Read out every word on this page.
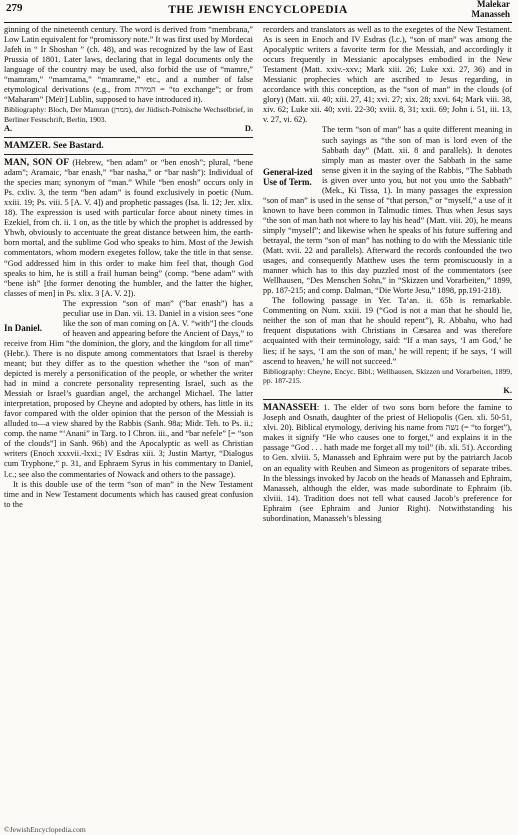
279	THE JEWISH ENCYCLOPEDIA	Malekar
Manasseh

ginning of the nineteenth century. The word is derived from “membrana,” Low Latin equivalent for “promissory note.” It was first used by Mordecai Jafeh in “ Ir Shoshan ” (ch. 48), and was recognized by the law of East Prussia of 1801. Later laws, declaring that in legal documents only the language of the country may be used, also forbid the use of “mamre,” “mamram,” “mamrama,” “mamrame,” etc., and a number of false etymological derivations (e.g., from המירה = “to exchange”; or from “Maharam” [Meïr] Lublin, supposed to have introduced it).

Bibliography: Bloch, Der Mamran (ממרן), der Jüdisch-Polnische Wechselbrief, in Berliner Festschrift, Berlin, 1903.
A.	D.

MAMZER. See Bastard.

MAN, SON OF (Hebrew, “ben adam” or “ben enosh”; plural, “bene adam”; Aramaic, “bar enash,” “bar nasha,” or “bar nash”): Individual of the species man; synonym of “man.” While “ben enosh” occurs only in Ps. cxliv. 3, the term “ben adam” is found exclusively in poetic (Num. xxiii. 19; Ps. viii. 5 [A. V. 4]) and prophetic passages (Isa. li. 12; Jer. xlix. 18). The expression is used with particular force about ninety times in Ezekiel, from ch. ii. 1 on, as the title by which the prophet is addressed by Yhwh, obviously to accentuate the great distance between him, the earth-born mortal, and the sublime God who speaks to him. Most of the Jewish commentators, whom modern exegetes follow, take the title in that sense. “God addressed him in this order to make him feel that, though God speaks to him, he is still a frail human being” (comp. “bene adam” with “bene ish” [the former denoting the humbler, and the latter the higher, classes of men] in Ps. xlix. 3 [A. V. 2]).

In Daniel.

The expression “son of man” (“bar enash”) has a peculiar use in Dan. vii. 13. Daniel in a vision sees “one like the son of man coming on [A. V. “with”] the clouds of heaven and appearing before the Ancient of Days,” to receive from Him “the dominion, the glory, and the kingdom for all time” (Hebr.). There is no dispute among commentators that Israel is thereby meant; but they differ as to the question whether the “son of man” depicted is merely a personification of the people, or whether the writer had in mind a concrete personality representing Israel, such as the Messiah or Israel’s guardian angel, the archangel Michael. The latter interpretation, proposed by Cheyne and adopted by others, has little in its favor compared with the older opinion that the person of the Messiah is alluded to—a view shared by the Rabbis (Sanh. 98a; Midr. Teh. to Ps. ii.; comp. the name “‘Anani” in Targ. to I Chron. iii., and “bar nefele” [= “son of the clouds”] in Sanh. 96b) and the Apocalyptic as well as Christian writers (Enoch xxxvii.-lxxi.; IV Esdras xiii. 3; Justin Martyr, “Dialogus cum Tryphone,” p. 31, and Ephraem Syrus in his commentary to Daniel, l.c.; see also the commentaries of Nowack and others to the passage).

It is this double use of the term “son of man” in the New Testament time and in New Testament documents which has caused great confusion to the

recorders and translators as well as to the exegetes of the New Testament. As is seen in Enoch and IV Esdras (l.c.), “son of man” was among the Apocalyptic writers a favorite term for the Messiah, and accordingly it occurs frequently in Messianic apocalypses embodied in the New Testament (Matt. xxiv.-xxv.; Mark xiii. 26; Luke xxi. 27, 36) and in Messianic prophecies which are ascribed to Jesus regarding, in accordance with this conception, as the “son of man” in the clouds (of glory) (Matt. xii. 40; xiii. 27, 41; xvi. 27; xix. 28; xxvi. 64; Mark viii. 38, xiv. 62; Luke xii. 40; xvii. 22-30; xviii. 8, 31; xxii. 69; John i. 51, iii. 13, v. 27, vi. 62).

General-ized Use of Term.

The term “son of man” has a quite different meaning in such sayings as “the son of man is lord even of the Sabbath day” (Matt. xii. 8 and parallels). It denotes simply man as master over the Sabbath in the same sense given it in the saying of the Rabbis, “The Sabbath is given over unto you, but not you unto the Sabbath” (Mek., Ki Tissa, 1). In many passages the expression “son of man” is used in the sense of “that person,” or “myself,” a use of it known to have been common in Talmudic times. Thus when Jesus says “the son of man hath not where to lay his head” (Matt. viii. 20), he means simply “myself”; and likewise when he speaks of his future suffering and betrayal, the term “son of man” has nothing to do with the Messianic title (Matt. xvii. 22 and parallels). Afterward the records confounded the two usages, and consequently Matthew uses the term promiscuously in a manner which has to this day puzzled most of the commentators (see Wellhausen, “Des Menschen Sohn,” in “Skizzen und Vorarbeiten,” 1899, pp. 187-215; and comp. Dalman, “Die Worte Jesu,” 1898, pp.191-218).

The following passage in Yer. Ta‘an. ii. 65b is remarkable. Commenting on Num. xxiii. 19 (“God is not a man that he should lie, neither the son of man that he should repent”), R. Abbahu, who had frequent disputations with Christians in Cæsarea and was therefore acquainted with their terminology, said: “If a man says, ‘I am God,’ he lies; if he says, ‘I am the son of man,’ he will repent; if he says, ‘I will ascend to heaven,’ he will not succeed.”

Bibliography: Cheyne, Encyc. Bibl.; Wellhausen, Skizzen und Vorarbeiten, 1899, pp. 187-215.
K.

MANASSEH: 1. The elder of two sons born before the famine to Joseph and Osnath, daughter of the priest of Heliopolis (Gen. xli. 50-51, xlvi. 20). Biblical etymology, deriving his name from נשה (= “to forget”), makes it signify “He who causes one to forget,” and explains it in the passage “God . . . hath made me forget all my toil” (ib. xli. 51). According to Gen. xlviii. 5, Manasseh and Ephraim were put by the patriarch Jacob on an equality with Reuben and Simeon as progenitors of separate tribes. In the blessings invoked by Jacob on the heads of Manasseh and Ephraim, Manasseh, although the elder, was made subordinate to Ephraim (ib. xlviii. 14). Tradition does not tell what caused Jacob’s preference for Ephraim (see Ephraim and Junior Right). Notwithstanding his subordination, Manasseh’s blessing

©JewishEncyclopedia.com
